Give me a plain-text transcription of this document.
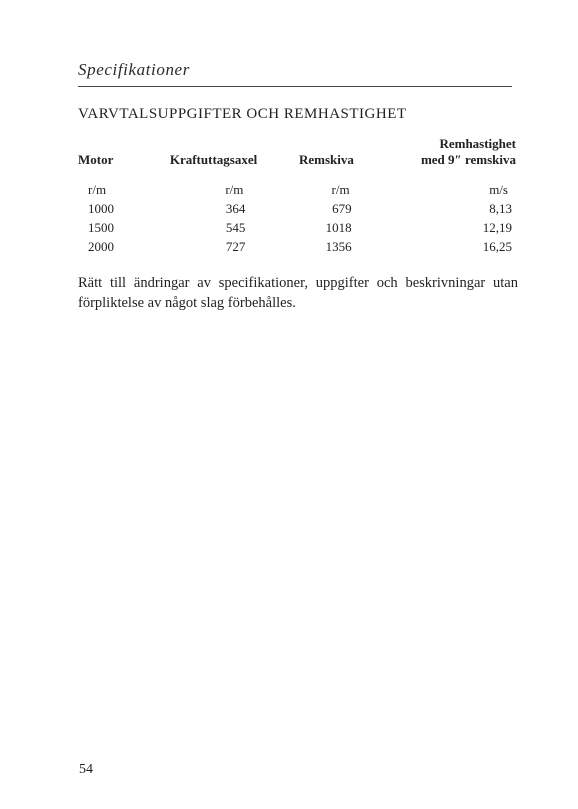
Specifikationer
VARVTALSUPPGIFTER OCH REMHASTIGHET
Motor	Kraftuttagsaxel	Remskiva	Remhastighet
med 9″ remskiva

r/m	r/m	r/m	m/s
1000	364	679	8,13
1500	545	1018	12,19
2000	727	1356	16,25

Rätt till ändringar av specifikationer, uppgifter och beskrivningar utan förpliktelse av något slag förbehålles.

54
